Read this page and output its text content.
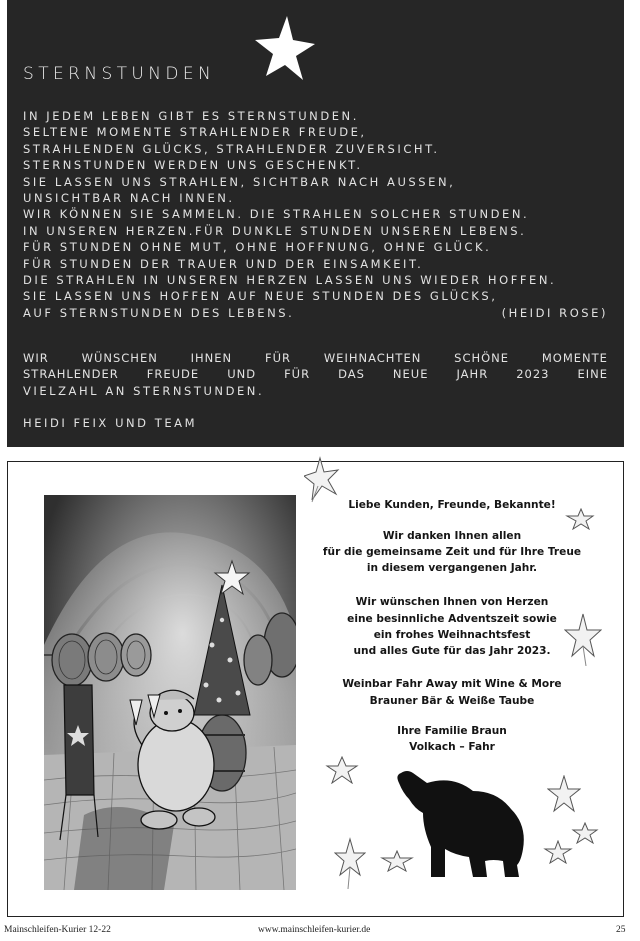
STERNSTUNDEN
IN JEDEM LEBEN GIBT ES STERNSTUNDEN.
SELTENE MOMENTE STRAHLENDER FREUDE,
STRAHLENDEN GLÜCKS, STRAHLENDER ZUVERSICHT.
STERNSTUNDEN WERDEN UNS GESCHENKT.
SIE LASSEN UNS STRAHLEN, SICHTBAR NACH AUSSEN,
UNSICHTBAR NACH INNEN.
WIR KÖNNEN SIE SAMMELN. DIE STRAHLEN SOLCHER STUNDEN.
IN UNSEREN HERZEN.FÜR DUNKLE STUNDEN UNSEREN LEBENS.
FÜR STUNDEN OHNE MUT, OHNE HOFFNUNG, OHNE GLÜCK.
FÜR STUNDEN DER TRAUER UND DER EINSAMKEIT.
DIE STRAHLEN IN UNSEREN HERZEN LASSEN UNS WIEDER HOFFEN.
SIE LASSEN UNS HOFFEN AUF NEUE STUNDEN DES GLÜCKS,
AUF STERNSTUNDEN DES LEBENS.	(HEIDI ROSE)
WIR	WÜNSCHEN	IHNEN	FÜR	WEIHNACHTEN	SCHÖNE	MOMENTE
STRAHLENDER FREUDE UND FÜR DAS NEUE JAHR 2023 EINE
VIELZAHL AN STERNSTUNDEN.
HEIDI FEIX UND TEAM
Liebe Kunden, Freunde, Bekannte!
Wir danken Ihnen allen
für die gemeinsame Zeit und für Ihre Treue
in diesem vergangenen Jahr.
Wir wünschen Ihnen von Herzen
eine besinnliche Adventszeit sowie
ein frohes Weihnachtsfest
und alles Gute für das Jahr 2023.
Weinbar Fahr Away mit Wine & More
Brauner Bär & Weiße Taube
Ihre Familie Braun
Volkach – Fahr
Mainschleifen-Kurier 12-22	www.mainschleifen-kurier.de	25
